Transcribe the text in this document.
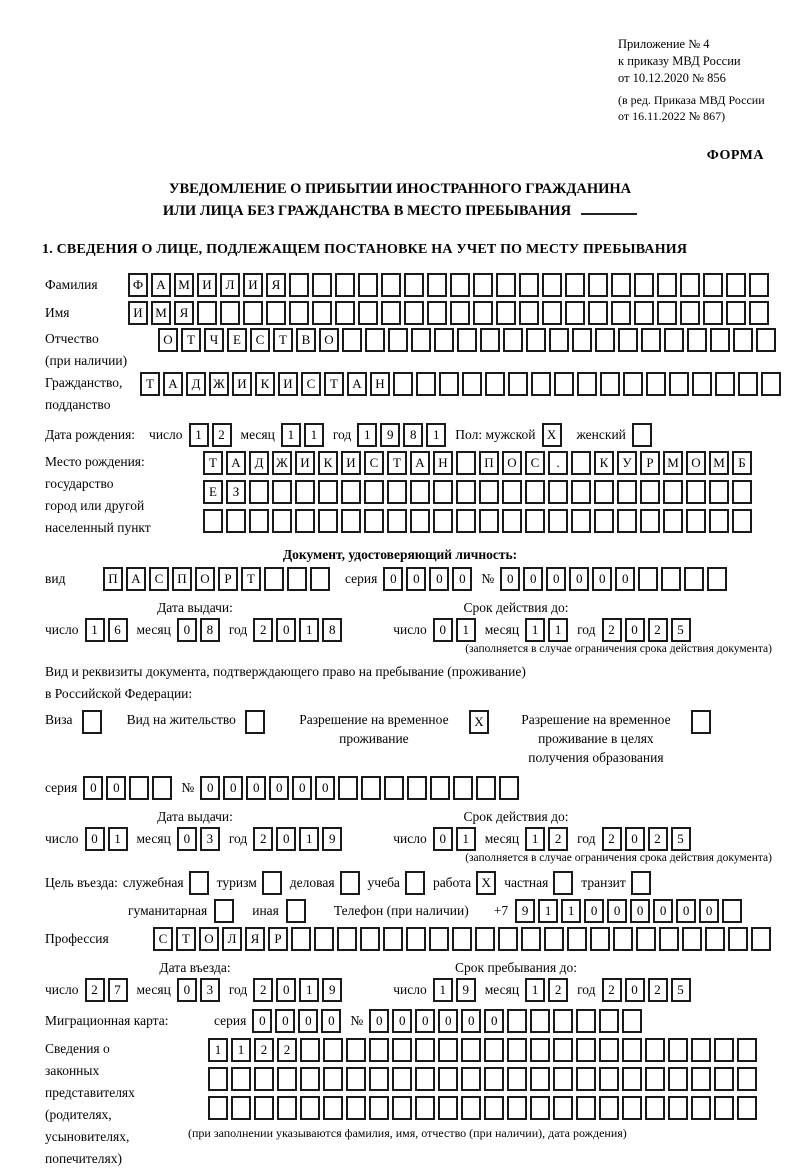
Приложение № 4
к приказу МВД России
от 10.12.2020 № 856
(в ред. Приказа МВД России
от 16.11.2022 № 867)
ФОРМА
УВЕДОМЛЕНИЕ О ПРИБЫТИИ ИНОСТРАННОГО ГРАЖДАНИНА
ИЛИ ЛИЦА БЕЗ ГРАЖДАНСТВА В МЕСТО ПРЕБЫВАНИЯ
1. СВЕДЕНИЯ О ЛИЦЕ, ПОДЛЕЖАЩЕМ ПОСТАНОВКЕ НА УЧЕТ ПО МЕСТУ ПРЕБЫВАНИЯ
Фамилия	Ф	А М И	Л	И	Я
Имя	И М Я
Отчество
(при наличии)
О	Т	Ч	Е	С	Т	В	О
Гражданство,
подданство
Т	А	Д Ж И	К	И	С	Т	А	Н
Дата рождения: число 1	2	месяц 1	1	год 1	9	8	1	Пол: мужской X	женский
Место рождения:
государство
город или другой
населенный пункт
Т	А	Д Ж И	К	И	С	Т	А	Н	П	О	С	.	К	У	Р	М О М	Б
Е	З
Документ, удостоверяющий личность:
вид	П	А	С	П	О	Р	Т	серия 0	0	0	0	№ 0	0	0	0	0	0
Дата выдачи:	Срок действия до:
число 1	6	месяц 0	8	год 2	0	1	8	число 0	1	месяц 1	1	год 2	0	2	5
(заполняется в случае ограничения срока действия документа)
Вид и реквизиты документа, подтверждающего право на пребывание (проживание)
в Российской Федерации:
Виза	Вид на жительство	Разрешение на временное проживание
X	Разрешение на временное проживание в целях получения образования
серия 0	0	№ 0	0	0	0	0	0
Дата выдачи:	Срок действия до:
число 0	1	месяц 0	3	год 2	0	1	9	число 0	1	месяц 1	2	год 2	0	2	5
(заполняется в случае ограничения срока действия документа)
Цель въезда: служебная туризм деловая учеба работа X частная транзит
гуманитарная	иная	Телефон (при наличии) +7	9	1	1	0	0	0	0	0	0
Профессия	С	Т	О	Л	Я	Р
Дата въезда:	Срок пребывания до:
число 2	7	месяц 0	3	год 2	0	1	9	число 1	9	месяц 1	2	год 2	0	2	5
Миграционная карта:	серия 0	0	0	0	№ 0	0	0	0	0	0
Сведения о
законных
представителях
(родителях,
усыновителях,
попечителях)
1	1	2	2
(при заполнении указываются фамилия, имя, отчество (при наличии), дата рождения)
